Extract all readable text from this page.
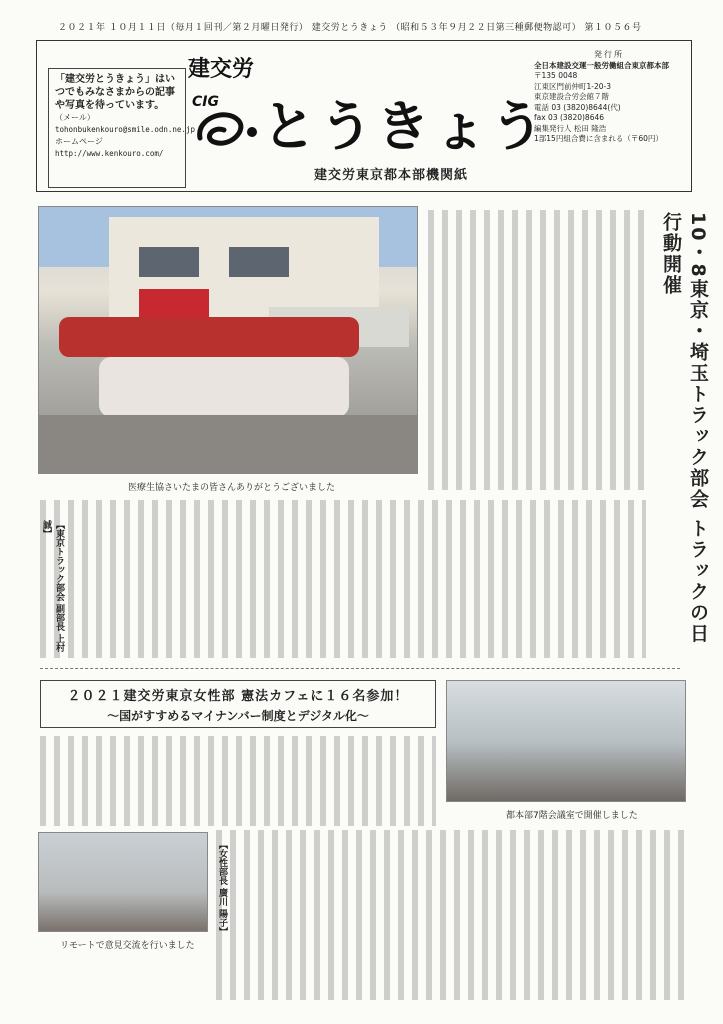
２０２１年 １０月１１日（毎月１回刊／第２月曜日発行） 建交労とうきょう （昭和５３年９月２２日第三種郵便物認可） 第１０５６号
「建交労とうきょう」はいつでもみなさまからの記事や写真を待っています。
（メール）
tohonbukenkouro@smile.odn.ne.jp
ホームページ
http://www.kenkouro.com/
建交労
CIG とうきょう
建交労東京都本部機関紙
発行所
全日本建設交運一般労働組合東京都本部
〒135 0048
江東区門前仲町1-20-3
東京建設合労会館７階
電話 03 (3820)8644(代)
fax 03 (3820)8646
編集発行人 松田 隆浩
1部15円組合費に含まれる（〒60円）
医療生協さいたまの皆さんありがとうございました
【東京トラック部会 副部長 上村 誠】	10・8東京・埼玉トラック部会 トラックの日行動開催
２０２１建交労東京女性部 憲法カフェに１６名参加！
～国がすすめるマイナンバー制度とデジタル化～
都本部7階会議室で開催しました
【女性部長 廣川 陽子】
リモートで意見交流を行いました
